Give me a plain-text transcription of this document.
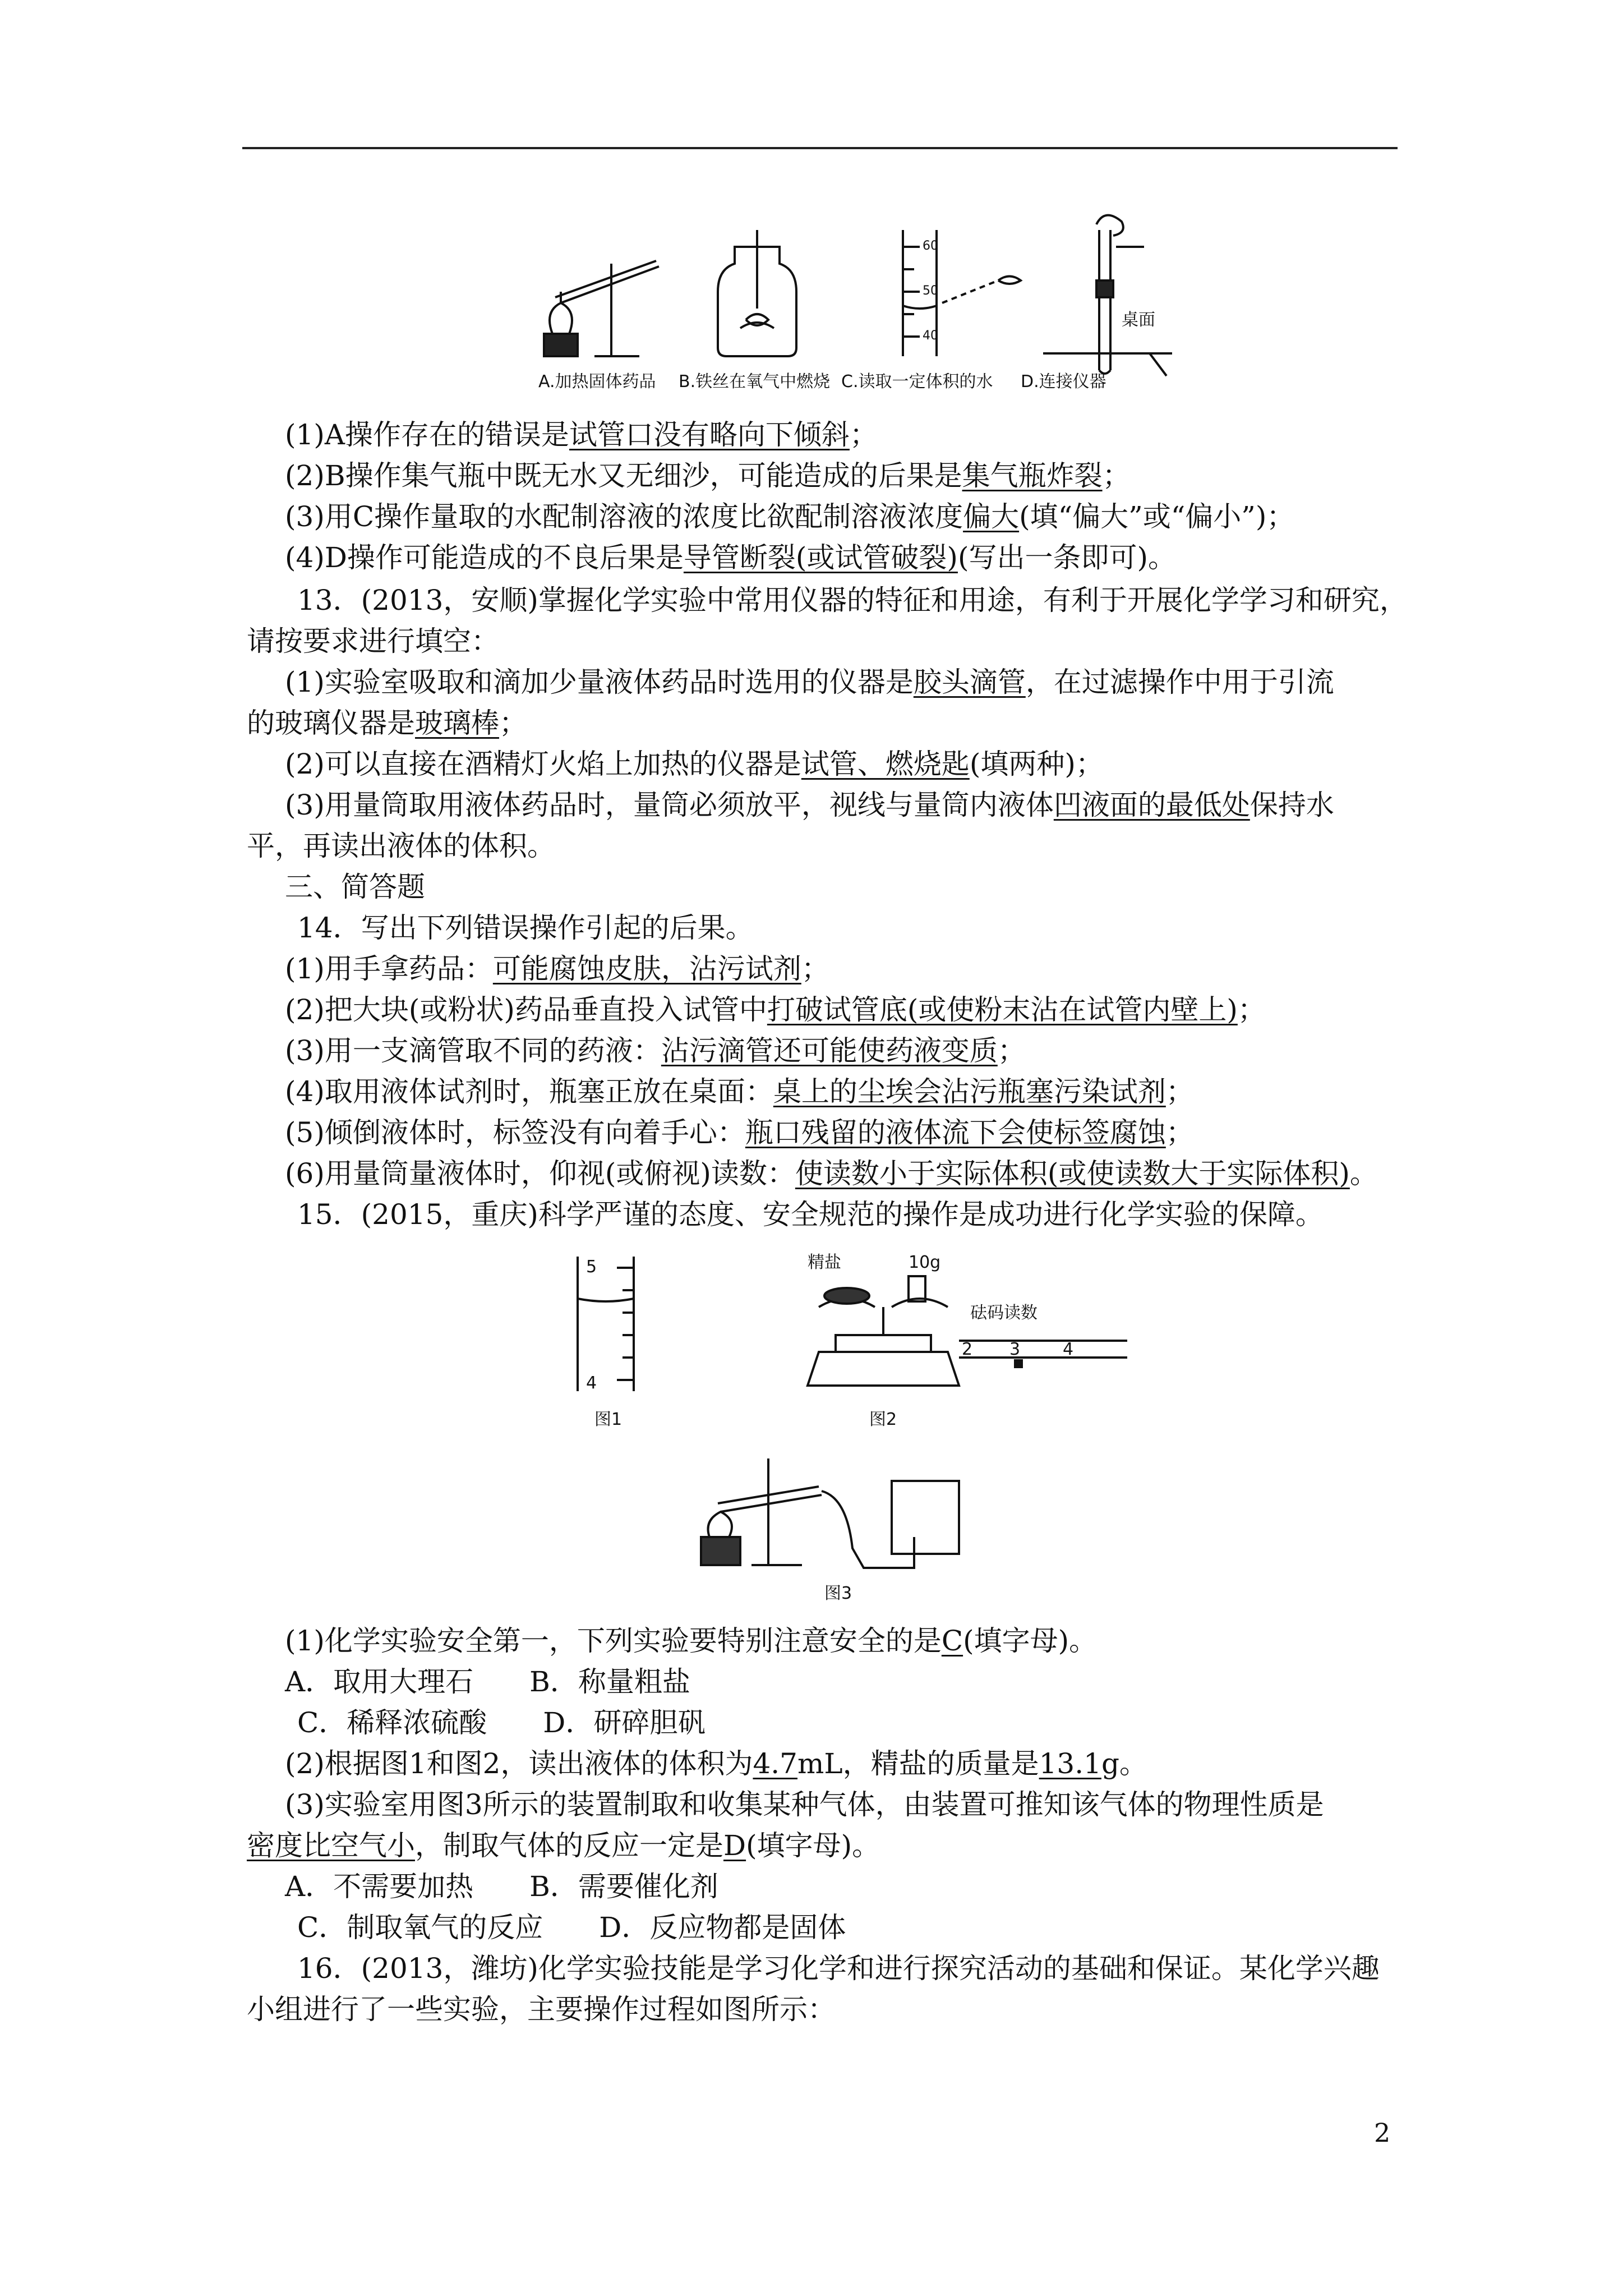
A.加热固体药品 B.铁丝在氧气中燃烧 C.读取一定体积的水 D.连接仪器
60
50
40
桌面
(1)A操作存在的错误是试管口没有略向下倾斜；
(2)B操作集气瓶中既无水又无细沙，可能造成的后果是集气瓶炸裂；
(3)用C操作量取的水配制溶液的浓度比欲配制溶液浓度偏大(填“偏大”或“偏小”)；
(4)D操作可能造成的不良后果是导管断裂(或试管破裂)(写出一条即可)。
13．(2013，安顺)掌握化学实验中常用仪器的特征和用途，有利于开展化学学习和研究，
请按要求进行填空：
(1)实验室吸取和滴加少量液体药品时选用的仪器是胶头滴管，在过滤操作中用于引流
的玻璃仪器是玻璃棒；
(2)可以直接在酒精灯火焰上加热的仪器是试管、燃烧匙(填两种)；
(3)用量筒取用液体药品时，量筒必须放平，视线与量筒内液体凹液面的最低处保持水
平，再读出液体的体积。
三、简答题
14．写出下列错误操作引起的后果。
(1)用手拿药品：可能腐蚀皮肤，沾污试剂；
(2)把大块(或粉状)药品垂直投入试管中打破试管底(或使粉末沾在试管内壁上)；
(3)用一支滴管取不同的药液：沾污滴管还可能使药液变质；
(4)取用液体试剂时，瓶塞正放在桌面：桌上的尘埃会沾污瓶塞污染试剂；
(5)倾倒液体时，标签没有向着手心：瓶口残留的液体流下会使标签腐蚀；
(6)用量筒量液体时，仰视(或俯视)读数：使读数小于实际体积(或使读数大于实际体积)。
15．(2015，重庆)科学严谨的态度、安全规范的操作是成功进行化学实验的保障。
5
4
图1
精盐	10g
砝码读数
2 3	4
图2
图3
(1)化学实验安全第一，下列实验要特别注意安全的是C(填字母)。
A．取用大理石　　B．称量粗盐
C．稀释浓硫酸　　D．研碎胆矾
(2)根据图1和图2，读出液体的体积为4.7mL，精盐的质量是13.1g。
(3)实验室用图3所示的装置制取和收集某种气体，由装置可推知该气体的物理性质是
密度比空气小，制取气体的反应一定是D(填字母)。
A．不需要加热　　B．需要催化剂
C．制取氧气的反应　　D．反应物都是固体
16．(2013，潍坊)化学实验技能是学习化学和进行探究活动的基础和保证。某化学兴趣
小组进行了一些实验，主要操作过程如图所示：
2
